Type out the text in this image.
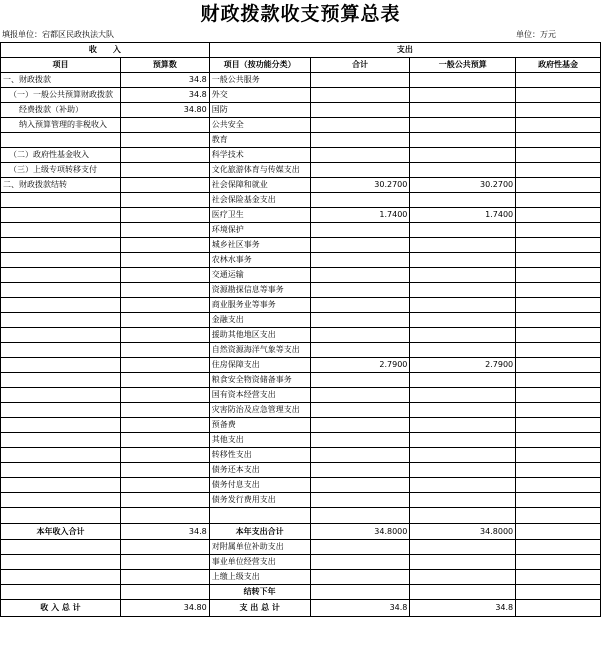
财政拨款收支预算总表
填报单位：宕都区民政执法大队	单位：万元
收　　入		支出			
项目	预算数	项目（按功能分类）	合计	一般公共预算	政府性基金
一、财政拨款	34.8	一般公共服务			
（一）一般公共预算财政拨款	34.8	外交			
经费拨款（补助）	34.80	国防			
纳入预算管理的非税收入		公共安全			
		教育			
（二）政府性基金收入		科学技术			
（三）上级专项转移支付		文化旅游体育与传媒支出			
二、财政拨款结转		社会保障和就业	30.2700	30.2700	
		社会保险基金支出			
		医疗卫生	1.7400	1.7400	
		环境保护			
		城乡社区事务			
		农林水事务			
		交通运输			
		资源勘探信息等事务			
		商业服务业等事务			
		金融支出			
		援助其他地区支出			
		自然资源海洋气象等支出			
		住房保障支出	2.7900	2.7900	
		粮食安全物资储备事务			
		国有资本经营支出			
		灾害防治及应急管理支出			
		预备费			
		其他支出			
		转移性支出			
		债务还本支出			
		债务付息支出			
		债务发行费用支出			

本年收入合计	34.8	本年支出合计	34.8000	34.8000	
		对附属单位补助支出			
		事业单位经营支出			
		上缴上级支出			
		结转下年			
收 入 总 计	34.80	支 出 总 计	34.8	34.8	
